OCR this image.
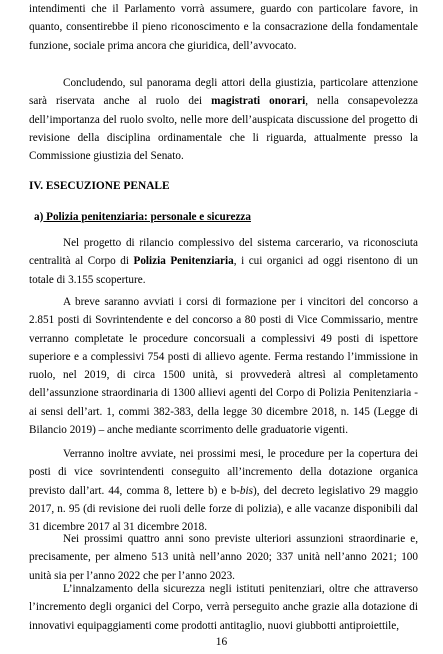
intendimenti che il Parlamento vorrà assumere, guardo con particolare favore, in quanto, consentirebbe il pieno riconoscimento e la consacrazione della fondamentale funzione, sociale prima ancora che giuridica, dell’avvocato.

Concludendo, sul panorama degli attori della giustizia, particolare attenzione sarà riservata anche al ruolo dei magistrati onorari, nella consapevolezza dell’importanza del ruolo svolto, nelle more dell’auspicata discussione del progetto di revisione della disciplina ordinamentale che li riguarda, attualmente presso la Commissione giustizia del Senato.

IV. ESECUZIONE PENALE
a) Polizia penitenziaria: personale e sicurezza

Nel progetto di rilancio complessivo del sistema carcerario, va riconosciuta centralità al Corpo di Polizia Penitenziaria, i cui organici ad oggi risentono di un totale di 3.155 scoperture.

A breve saranno avviati i corsi di formazione per i vincitori del concorso a 2.851 posti di Sovrintendente e del concorso a 80 posti di Vice Commissario, mentre verranno completate le procedure concorsuali a complessivi 49 posti di ispettore superiore e a complessivi 754 posti di allievo agente. Ferma restando l’immissione in ruolo, nel 2019, di circa 1500 unità, si provvederà altresì al completamento dell’assunzione straordinaria di 1300 allievi agenti del Corpo di Polizia Penitenziaria - ai sensi dell’art. 1, commi 382-383, della legge 30 dicembre 2018, n. 145 (Legge di Bilancio 2019) – anche mediante scorrimento delle graduatorie vigenti.

Verranno inoltre avviate, nei prossimi mesi, le procedure per la copertura dei posti di vice sovrintendenti conseguito all’incremento della dotazione organica previsto dall’art. 44, comma 8, lettere b) e b-bis), del decreto legislativo 29 maggio 2017, n. 95 (di revisione dei ruoli delle forze di polizia), e alle vacanze disponibili dal 31 dicembre 2017 al 31 dicembre 2018.

Nei prossimi quattro anni sono previste ulteriori assunzioni straordinarie e, precisamente, per almeno 513 unità nell’anno 2020; 337 unità nell’anno 2021; 100 unità sia per l’anno 2022 che per l’anno 2023.

L’innalzamento della sicurezza negli istituti penitenziari, oltre che attraverso l’incremento degli organici del Corpo, verrà perseguito anche grazie alla dotazione di innovativi equipaggiamenti come prodotti antitaglio, nuovi giubbotti antiproiettile,

16
